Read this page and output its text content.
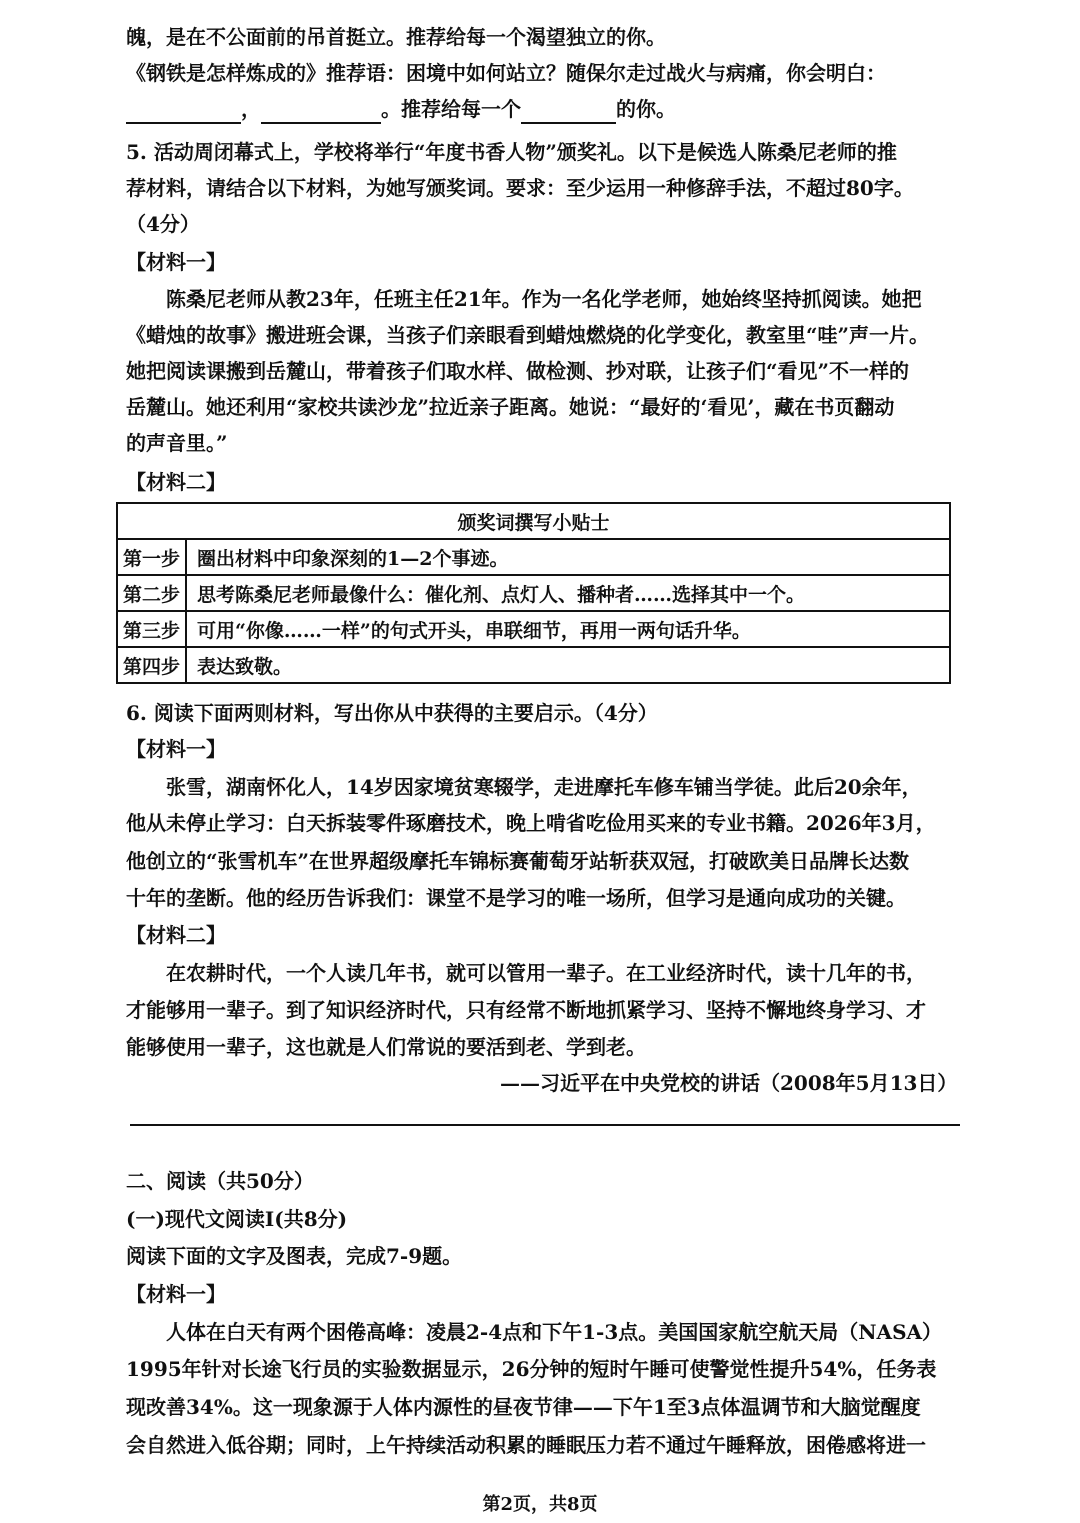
魄，是在不公面前的吊首挺立。推荐给每一个渴望独立的你。
《钢铁是怎样炼成的》推荐语：困境中如何站立？随保尔走过战火与病痛，你会明白：
，	。推荐给每一个	的你。
5. 活动周闭幕式上，学校将举行“年度书香人物”颁奖礼。以下是候选人陈桑尼老师的推
荐材料，请结合以下材料，为她写颁奖词。要求：至少运用一种修辞手法，不超过80字。
（4分）
【材料一】
陈桑尼老师从教23年，任班主任21年。作为一名化学老师，她始终坚持抓阅读。她把
《蜡烛的故事》搬进班会课，当孩子们亲眼看到蜡烛燃烧的化学变化，教室里“哇”声一片。
她把阅读课搬到岳麓山，带着孩子们取水样、做检测、抄对联，让孩子们“看见”不一样的
岳麓山。她还利用“家校共读沙龙”拉近亲子距离。她说：“最好的‘看见’，藏在书页翻动
的声音里。”
【材料二】
颁奖词撰写小贴士	
第一步	圈出材料中印象深刻的1—2个事迹。
第二步	思考陈桑尼老师最像什么：催化剂、点灯人、播种者……选择其中一个。
第三步	可用“你像……一样”的句式开头，串联细节，再用一两句话升华。
第四步	表达致敬。
6. 阅读下面两则材料，写出你从中获得的主要启示。（4分）
【材料一】
张雪，湖南怀化人，14岁因家境贫寒辍学，走进摩托车修车铺当学徒。此后20余年，
他从未停止学习：白天拆装零件琢磨技术，晚上啃省吃俭用买来的专业书籍。2026年3月，
他创立的“张雪机车”在世界超级摩托车锦标赛葡萄牙站斩获双冠，打破欧美日品牌长达数
十年的垄断。他的经历告诉我们：课堂不是学习的唯一场所，但学习是通向成功的关键。
【材料二】
在农耕时代，一个人读几年书，就可以管用一辈子。在工业经济时代，读十几年的书，
才能够用一辈子。到了知识经济时代，只有经常不断地抓紧学习、坚持不懈地终身学习、才
能够使用一辈子，这也就是人们常说的要活到老、学到老。
——习近平在中央党校的讲话（2008年5月13日）
二、阅读（共50分）
(一)现代文阅读Ⅰ(共8分)
阅读下面的文字及图表，完成7-9题。
【材料一】
人体在白天有两个困倦高峰：凌晨2-4点和下午1-3点。美国国家航空航天局（NASA）
1995年针对长途飞行员的实验数据显示，26分钟的短时午睡可使警觉性提升54%，任务表
现改善34%。这一现象源于人体内源性的昼夜节律——下午1至3点体温调节和大脑觉醒度
会自然进入低谷期；同时，上午持续活动积累的睡眠压力若不通过午睡释放，困倦感将进一
第2页，共8页
